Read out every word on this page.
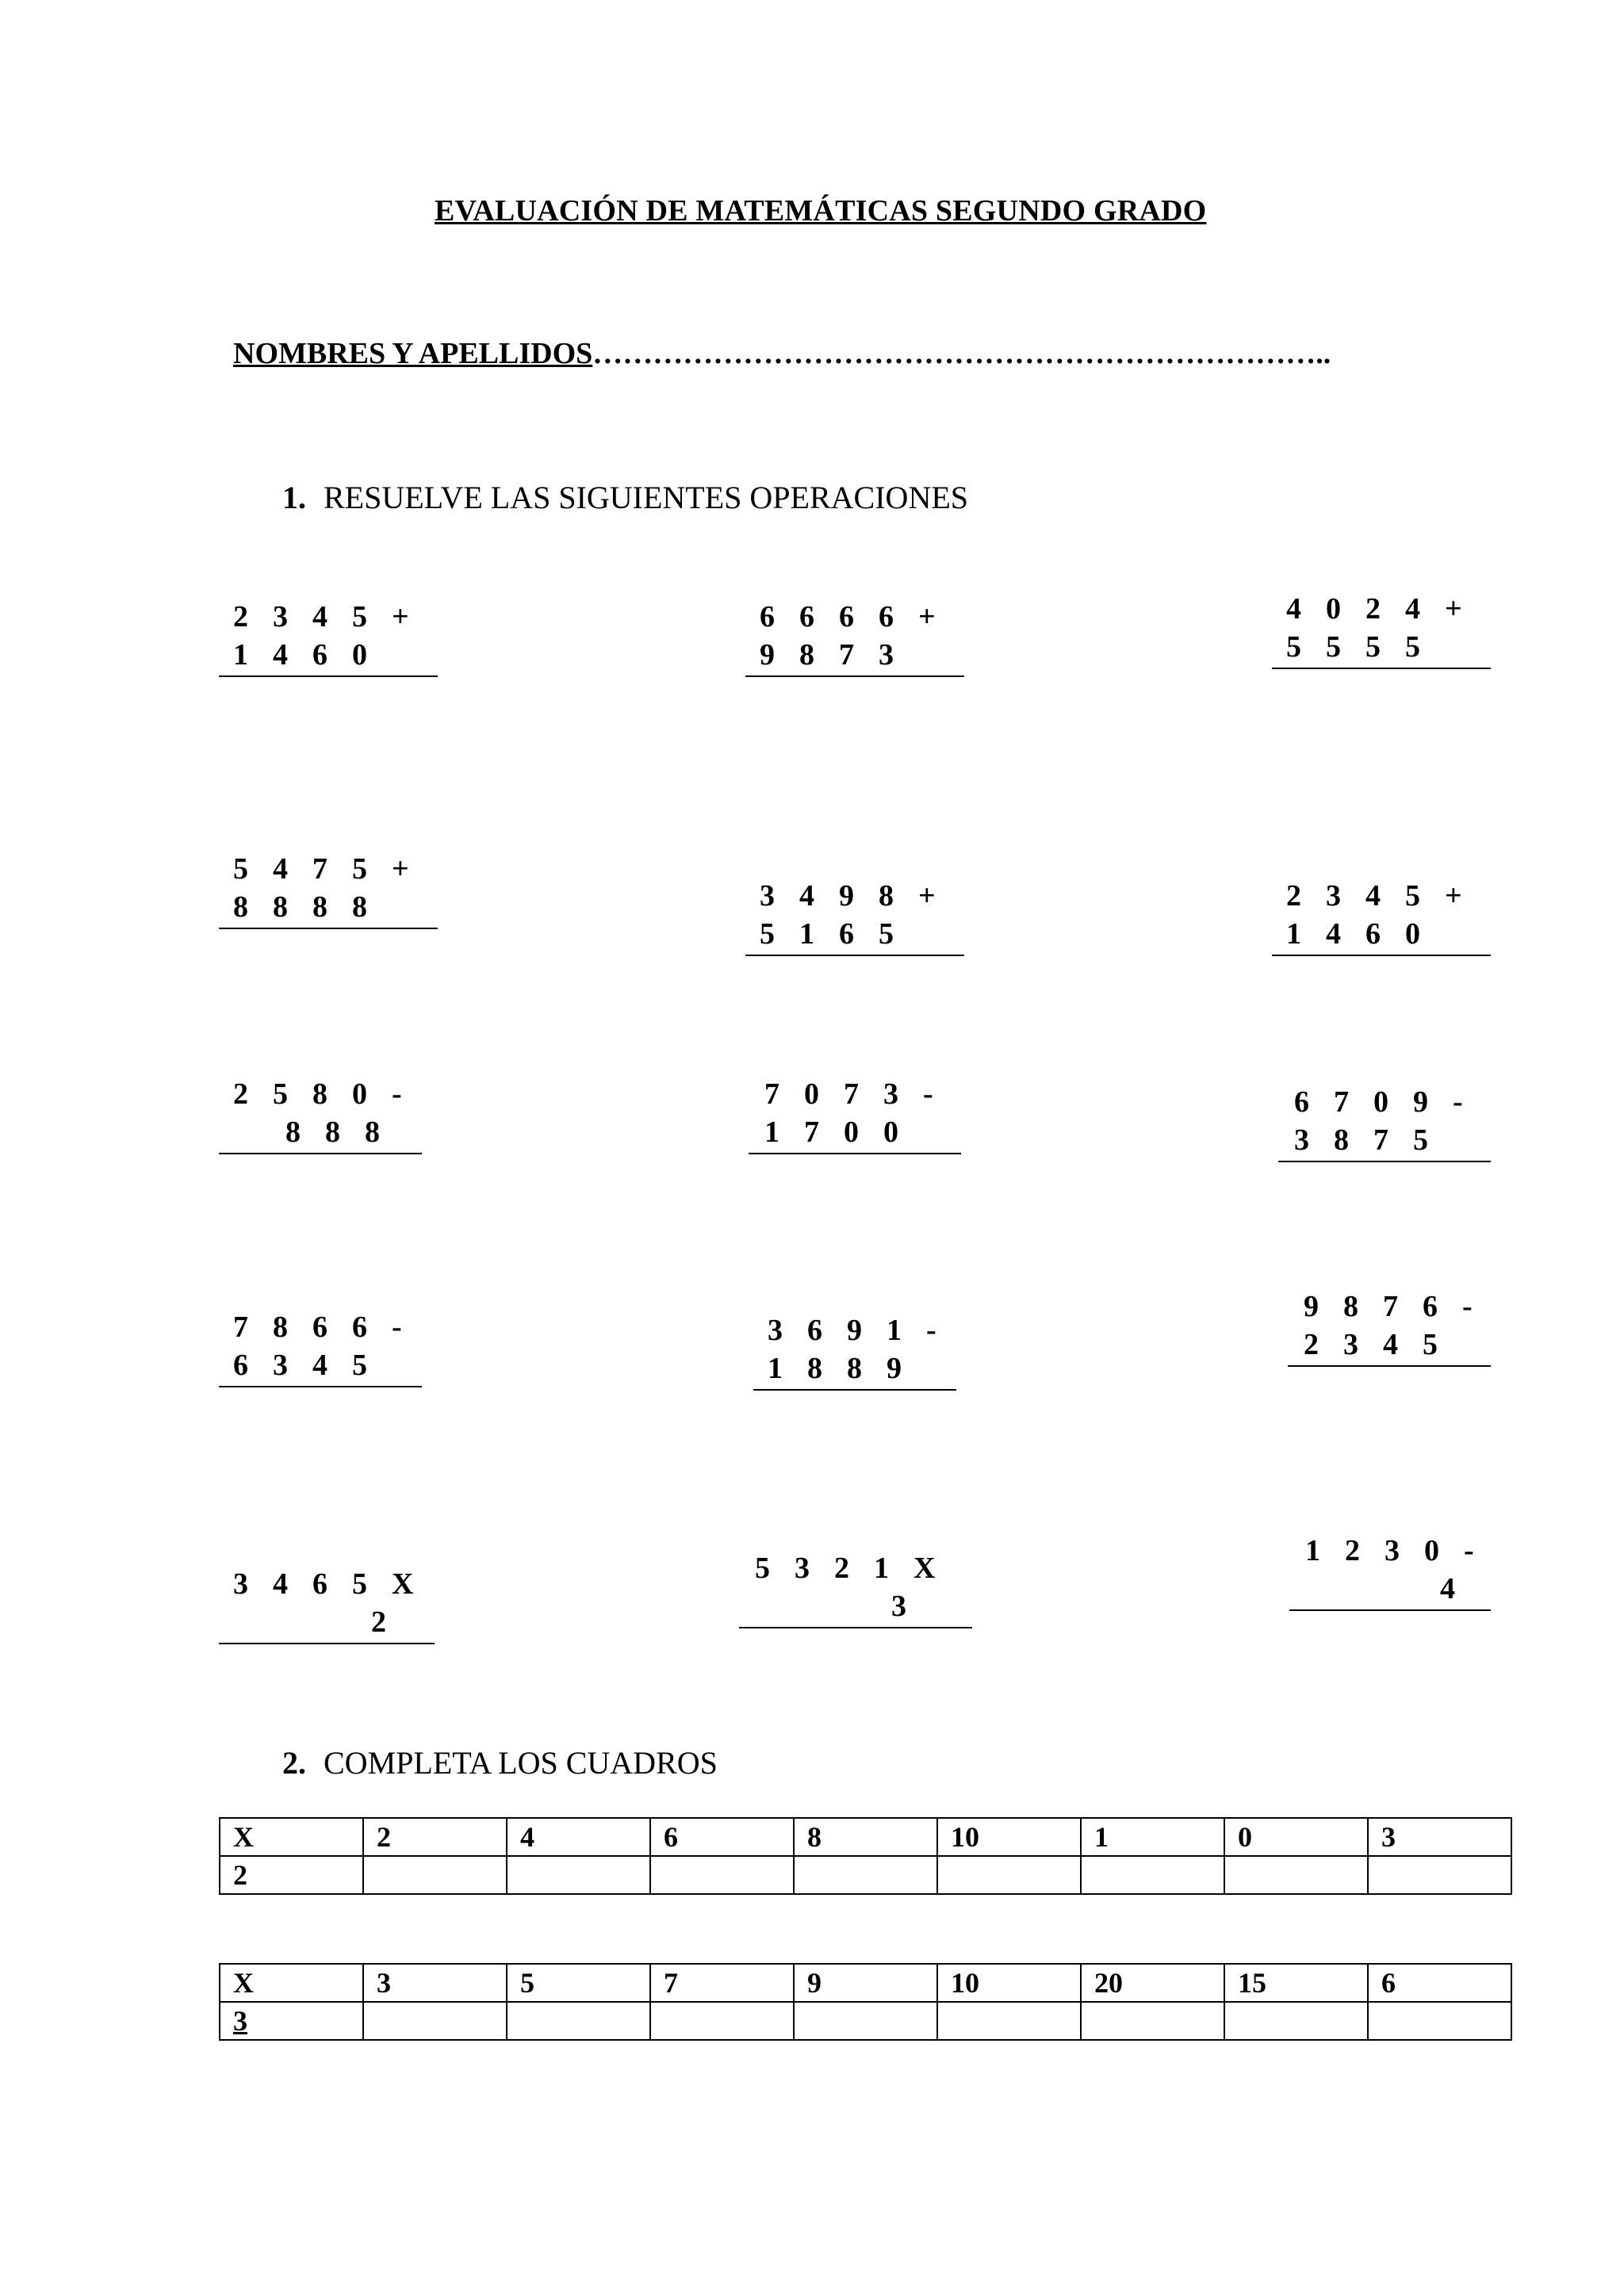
EVALUACIÓN DE MATEMÁTICAS SEGUNDO GRADO
NOMBRES Y APELLIDOS………………………………………………………………..
1. RESUELVE LAS SIGUIENTES OPERACIONES
2345+
1460
6666+
9873
4024+
5555
5475+
8888	3498+
5165
2345+
1460
2580-
888
7073-
1700
6709-
3875
7866-
6345
3691-
1889
9876-
2345
3465X
2
5321X
3
1230-
4
2. COMPLETA LOS CUADROS
X	2	4	6	8	10	1	0	3
2								
X	3	5	7	9	10	20	15	6
3								
